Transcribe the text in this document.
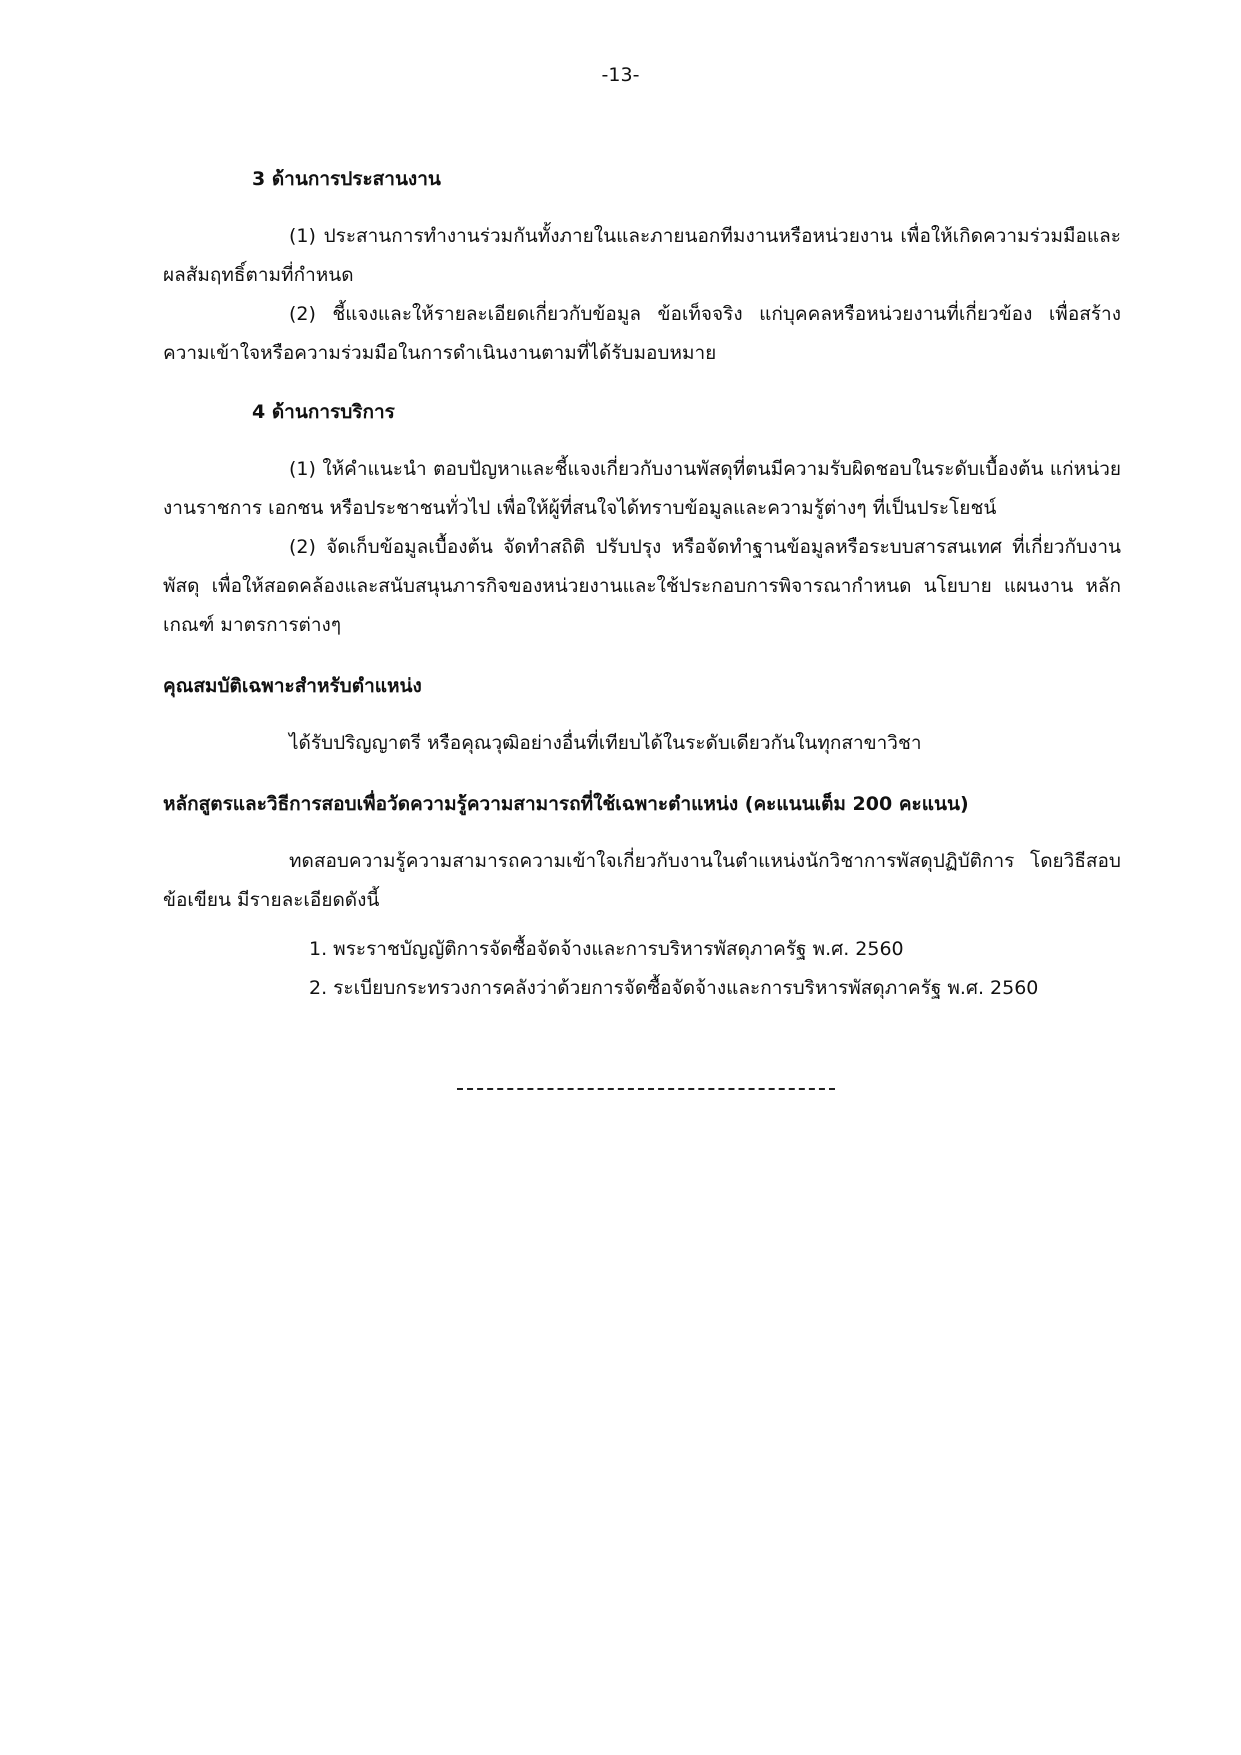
-13-

3 ด้านการประสานงาน

(1) ประสานการทำงานร่วมกันทั้งภายในและภายนอกทีมงานหรือหน่วยงาน เพื่อให้เกิดความร่วมมือและผลสัมฤทธิ์ตามที่กำหนด

(2) ชี้แจงและให้รายละเอียดเกี่ยวกับข้อมูล ข้อเท็จจริง แก่บุคคลหรือหน่วยงานที่เกี่ยวข้อง เพื่อสร้างความเข้าใจหรือความร่วมมือในการดำเนินงานตามที่ได้รับมอบหมาย

4 ด้านการบริการ

(1) ให้คำแนะนำ ตอบปัญหาและชี้แจงเกี่ยวกับงานพัสดุที่ตนมีความรับผิดชอบในระดับเบื้องต้น แก่หน่วยงานราชการ เอกชน หรือประชาชนทั่วไป เพื่อให้ผู้ที่สนใจได้ทราบข้อมูลและความรู้ต่างๆ ที่เป็นประโยชน์

(2) จัดเก็บข้อมูลเบื้องต้น จัดทำสถิติ ปรับปรุง หรือจัดทำฐานข้อมูลหรือระบบสารสนเทศ ที่เกี่ยวกับงานพัสดุ เพื่อให้สอดคล้องและสนับสนุนภารกิจของหน่วยงานและใช้ประกอบการพิจารณากำหนด นโยบาย แผนงาน หลักเกณฑ์ มาตรการต่างๆ

คุณสมบัติเฉพาะสำหรับตำแหน่ง

ได้รับปริญญาตรี หรือคุณวุฒิอย่างอื่นที่เทียบได้ในระดับเดียวกันในทุกสาขาวิชา

หลักสูตรและวิธีการสอบเพื่อวัดความรู้ความสามารถที่ใช้เฉพาะตำแหน่ง (คะแนนเต็ม 200 คะแนน)

ทดสอบความรู้ความสามารถความเข้าใจเกี่ยวกับงานในตำแหน่งนักวิชาการพัสดุปฏิบัติการ โดยวิธีสอบข้อเขียน มีรายละเอียดดังนี้

1. พระราชบัญญัติการจัดซื้อจัดจ้างและการบริหารพัสดุภาครัฐ พ.ศ. 2560
2. ระเบียบกระทรวงการคลังว่าด้วยการจัดซื้อจัดจ้างและการบริหารพัสดุภาครัฐ พ.ศ. 2560
